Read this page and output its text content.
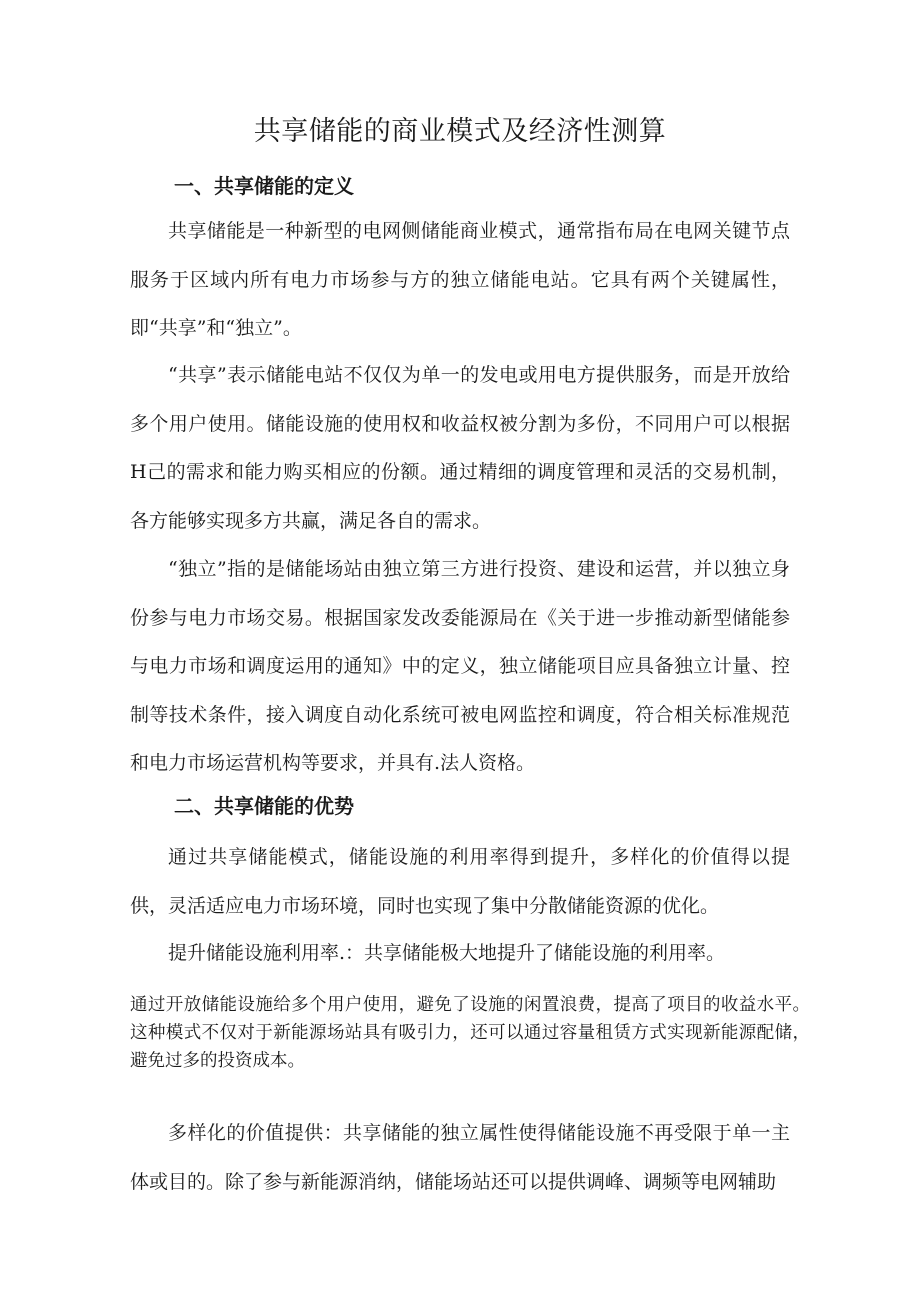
共享储能的商业模式及经济性测算
一、共享储能的定义

共享储能是一种新型的电网侧储能商业模式，通常指布局在电网关键节点服务于区域内所有电力市场参与方的独立储能电站。它具有两个关键属性，即“共享”和“独立”。

“共享”表示储能电站不仅仅为单一的发电或用电方提供服务，而是开放给多个用户使用。储能设施的使用权和收益权被分割为多份，不同用户可以根据H己的需求和能力购买相应的份额。通过精细的调度管理和灵活的交易机制，各方能够实现多方共赢，满足各自的需求。

“独立”指的是储能场站由独立第三方进行投资、建设和运营，并以独立身份参与电力市场交易。根据国家发改委能源局在《关于进一步推动新型储能参与电力市场和调度运用的通知》中的定义，独立储能项目应具备独立计量、控制等技术条件，接入调度自动化系统可被电网监控和调度，符合相关标准规范和电力市场运营机构等要求，并具有.法人资格。

二、共享储能的优势

通过共享储能模式，储能设施的利用率得到提升，多样化的价值得以提供，灵活适应电力市场环境，同时也实现了集中分散储能资源的优化。

提升储能设施利用率.：共享储能极大地提升了储能设施的利用率。

通过开放储能设施给多个用户使用，避免了设施的闲置浪费，提高了项目的收益水平。这种模式不仅对于新能源场站具有吸引力，还可以通过容量租赁方式实现新能源配储，避免过多的投资成本。

多样化的价值提供：共享储能的独立属性使得储能设施不再受限于单一主体或目的。除了参与新能源消纳，储能场站还可以提供调峰、调频等电网辅助
